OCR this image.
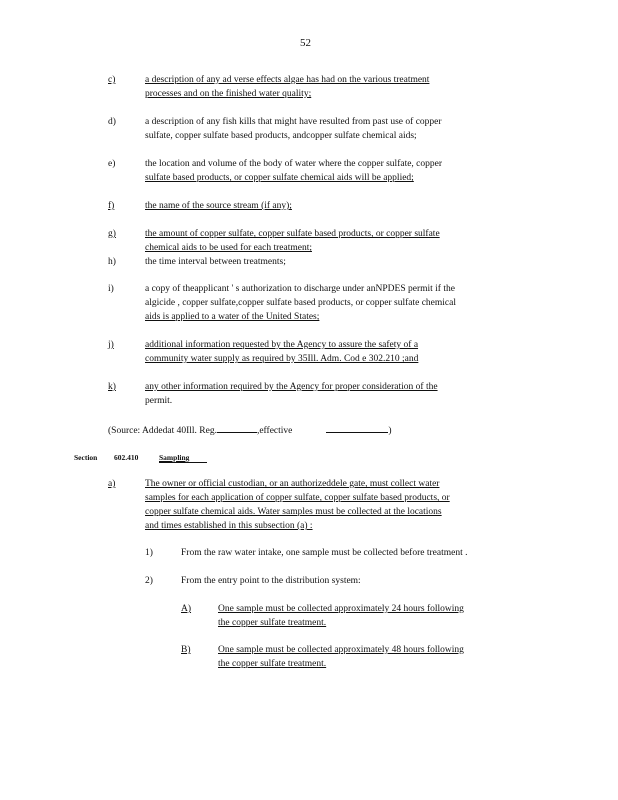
52
c)	a description of any ad verse effects algae has had on the various treatment
processes and on the finished water quality;
d)	a description of any fish kills that might have resulted from past use of copper
sulfate, copper sulfate based products, andcopper sulfate chemical aids;
e)	the location and volume of the body of water where the copper sulfate, copper
sulfate based products, or copper sulfate chemical aids will be applied;
f)	the name of the source stream (if any);
g)	the amount of copper sulfate, copper sulfate based products, or copper sulfate
chemical aids to be used for each treatment;
h)	the time interval between treatments;
i)	a copy of theapplicant ' s authorization to discharge under anNPDES permit if the
algicide , copper sulfate,copper sulfate based products, or copper sulfate chemical
aids is applied to a water of the United States;
j)	additional information requested by the Agency to assure the safety of a
community water supply as required by 35Ill. Adm. Cod e 302.210 ;and
k)	any other information required by the Agency for proper consideration of the
permit.
(Source: Addedat 40Ill. Reg.	,effective	)
Section 602.410	Sampling
a)	The owner or official custodian, or an authorizeddele gate, must collect water
samples for each application of copper sulfate, copper sulfate based products, or
copper sulfate chemical aids. Water samples must be collected at the locations
and times established in this subsection (a) :
1)	From the raw water intake, one sample must be collected before treatment .
2)	From the entry point to the distribution system:
A)	One sample must be collected approximately 24 hours following
the copper sulfate treatment.
B)	One sample must be collected approximately 48 hours following
the copper sulfate treatment.
